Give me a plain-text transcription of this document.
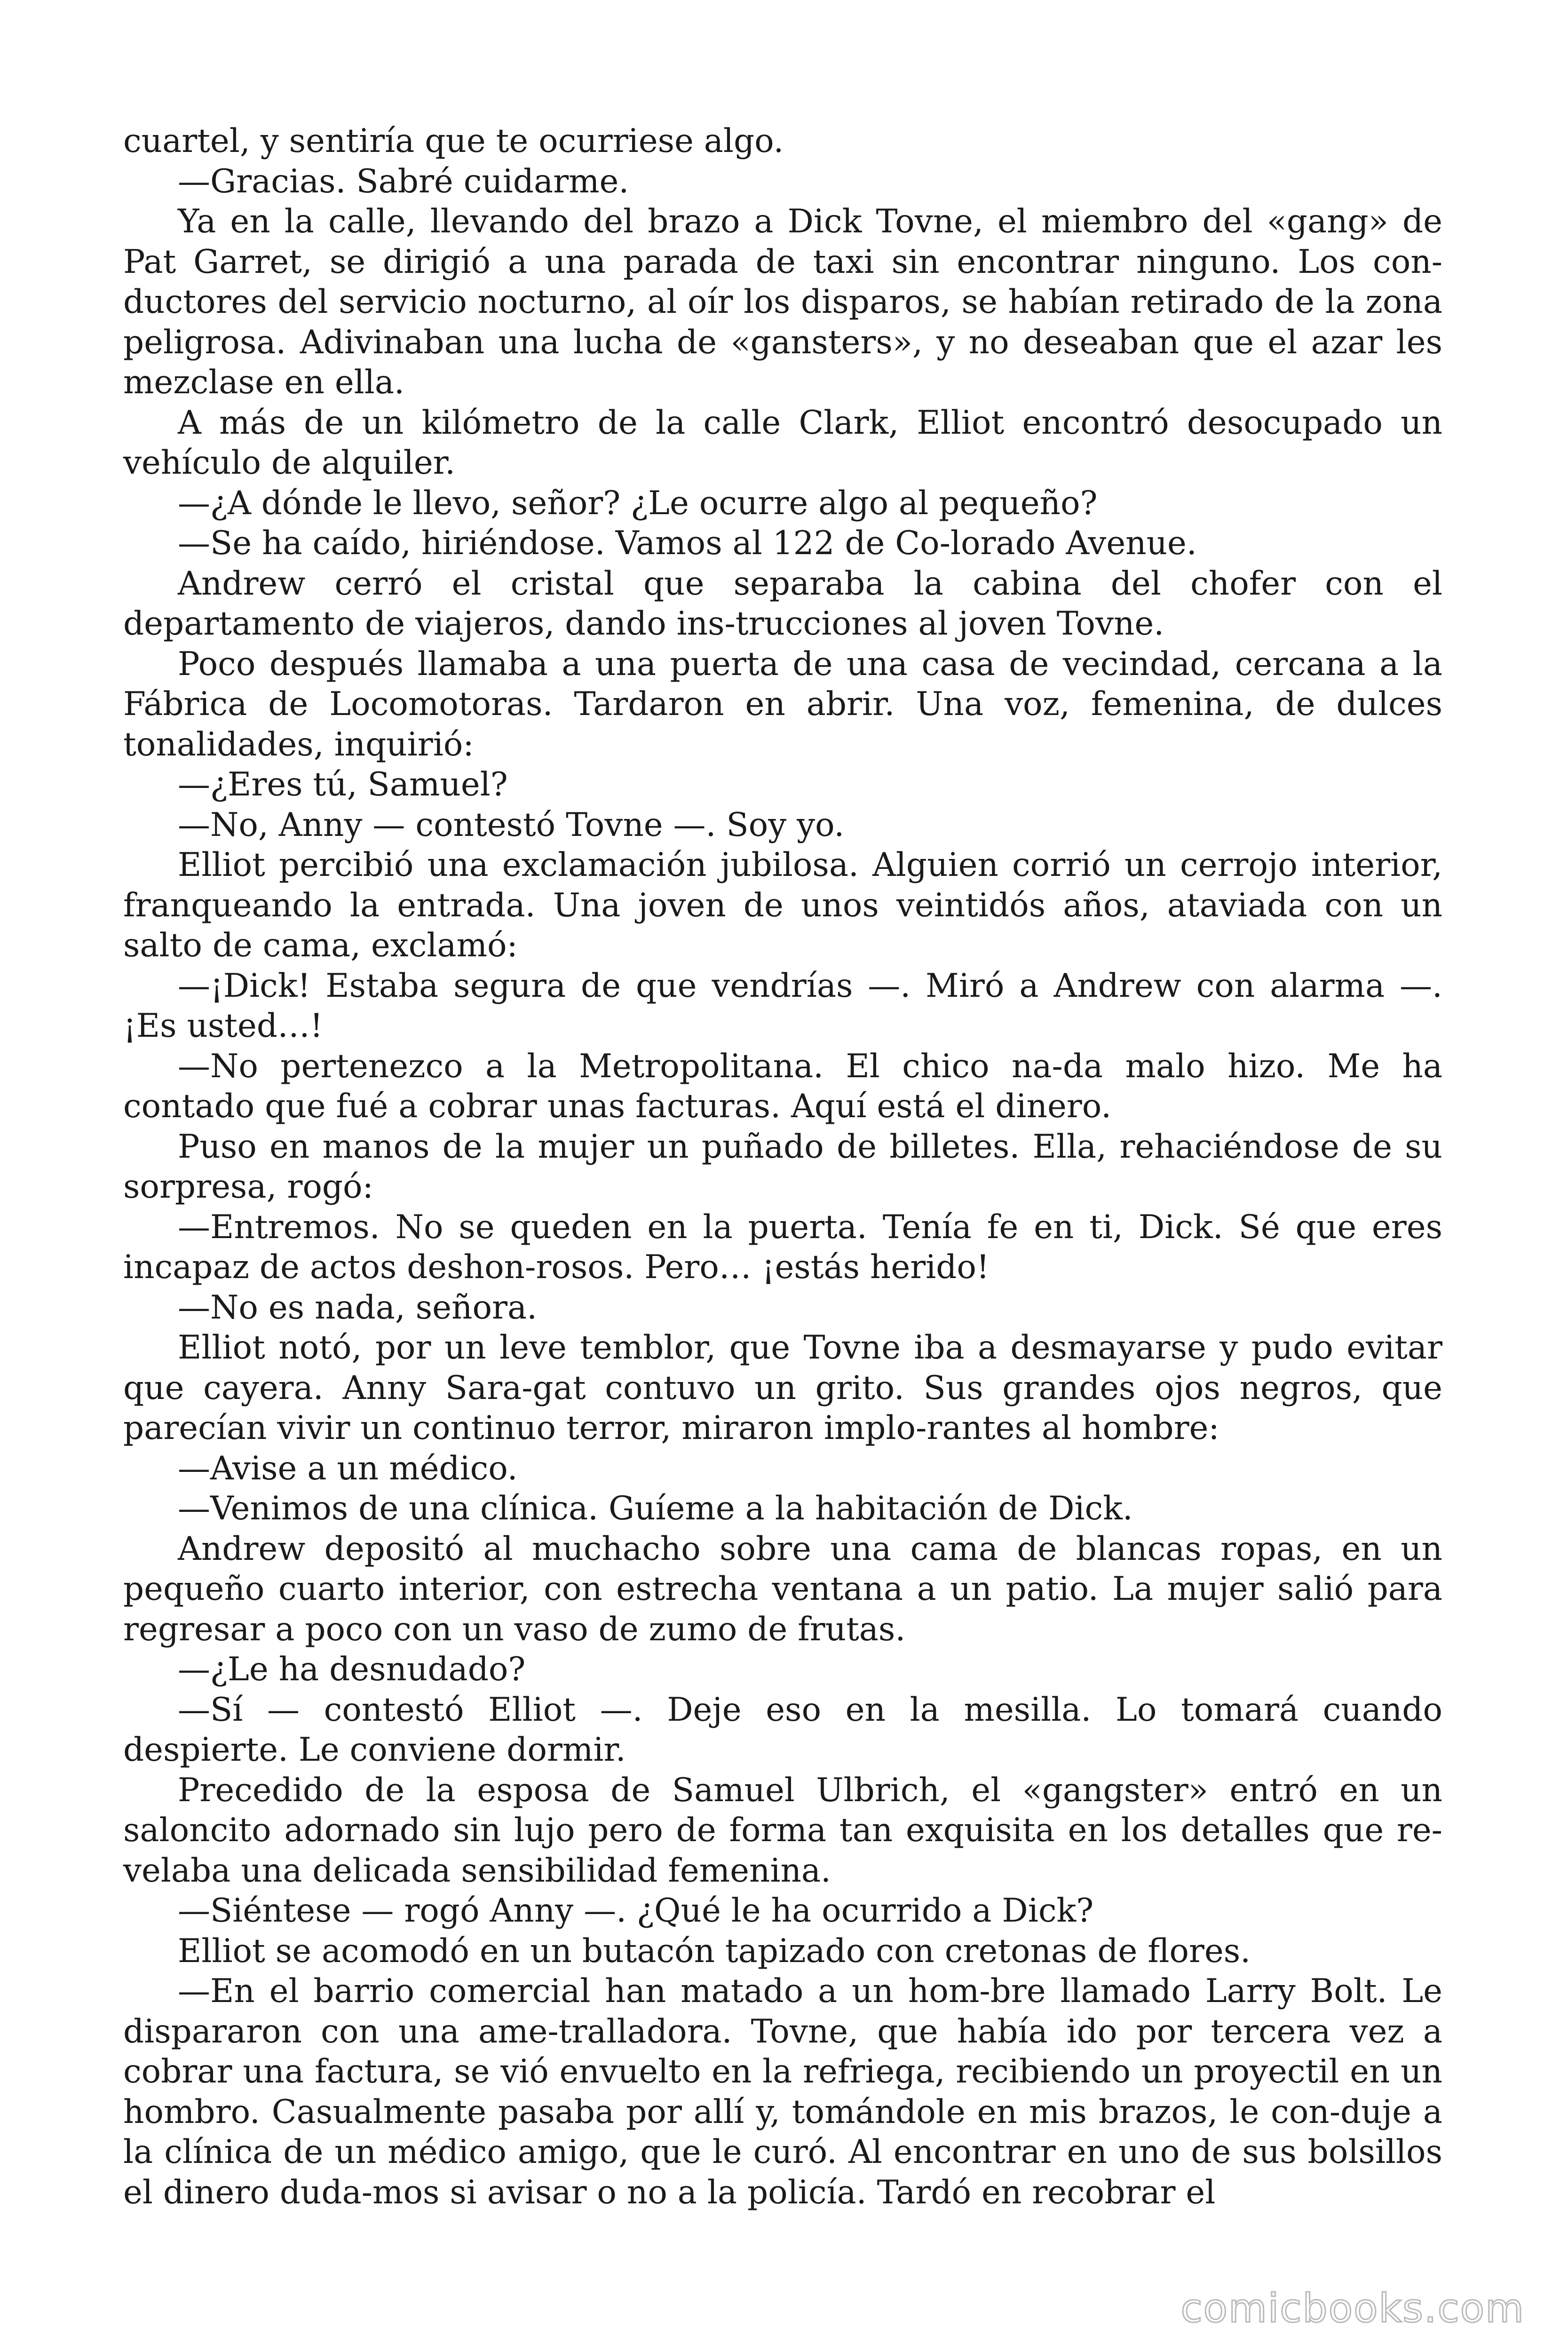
cuartel, y sentiría que te ocurriese algo.

—Gracias. Sabré cuidarme.

Ya en la calle, llevando del brazo a Dick Tovne, el miembro del «gang» de Pat Garret, se dirigió a una parada de taxi sin encontrar ninguno. Los con-ductores del servicio nocturno, al oír los disparos, se habían retirado de la zona peligrosa. Adivinaban una lucha de «gansters», y no deseaban que el azar les mezclase en ella.

A más de un kilómetro de la calle Clark, Elliot encontró desocupado un vehículo de alquiler.

—¿A dónde le llevo, señor? ¿Le ocurre algo al pequeño?

—Se ha caído, hiriéndose. Vamos al 122 de Co-lorado Avenue.

Andrew cerró el cristal que separaba la cabina del chofer con el departamento de viajeros, dando ins-trucciones al joven Tovne.

Poco después llamaba a una puerta de una casa de vecindad, cercana a la Fábrica de Locomotoras. Tardaron en abrir. Una voz, femenina, de dulces tonalidades, inquirió:

—¿Eres tú, Samuel?

—No, Anny — contestó Tovne —. Soy yo.

Elliot percibió una exclamación jubilosa. Alguien corrió un cerrojo interior, franqueando la entrada. Una joven de unos veintidós años, ataviada con un salto de cama, exclamó:

—¡Dick! Estaba segura de que vendrías —. Miró a Andrew con alarma —. ¡Es usted…!

—No pertenezco a la Metropolitana. El chico na-da malo hizo. Me ha contado que fué a cobrar unas facturas. Aquí está el dinero.

Puso en manos de la mujer un puñado de billetes. Ella, rehaciéndose de su sorpresa, rogó:

—Entremos. No se queden en la puerta. Tenía fe en ti, Dick. Sé que eres incapaz de actos deshon-rosos. Pero… ¡estás herido!

—No es nada, señora.

Elliot notó, por un leve temblor, que Tovne iba a desmayarse y pudo evitar que cayera. Anny Sara-gat contuvo un grito. Sus grandes ojos negros, que parecían vivir un continuo terror, miraron implo-rantes al hombre:

—Avise a un médico.

—Venimos de una clínica. Guíeme a la habitación de Dick.

Andrew depositó al muchacho sobre una cama de blancas ropas, en un pequeño cuarto interior, con estrecha ventana a un patio. La mujer salió para regresar a poco con un vaso de zumo de frutas.

—¿Le ha desnudado?

—Sí — contestó Elliot —. Deje eso en la mesilla. Lo tomará cuando despierte. Le conviene dormir.

Precedido de la esposa de Samuel Ulbrich, el «gangster» entró en un saloncito adornado sin lujo pero de forma tan exquisita en los detalles que re-velaba una delicada sensibilidad femenina.

—Siéntese — rogó Anny —. ¿Qué le ha ocurrido a Dick?

Elliot se acomodó en un butacón tapizado con cretonas de flores.

—En el barrio comercial han matado a un hom-bre llamado Larry Bolt. Le dispararon con una ame-tralladora. Tovne, que había ido por tercera vez a cobrar una factura, se vió envuelto en la refriega, recibiendo un proyectil en un hombro. Casualmente pasaba por allí y, tomándole en mis brazos, le con-duje a la clínica de un médico amigo, que le curó. Al encontrar en uno de sus bolsillos el dinero duda-mos si avisar o no a la policía. Tardó en recobrar el

comicbooks.com
